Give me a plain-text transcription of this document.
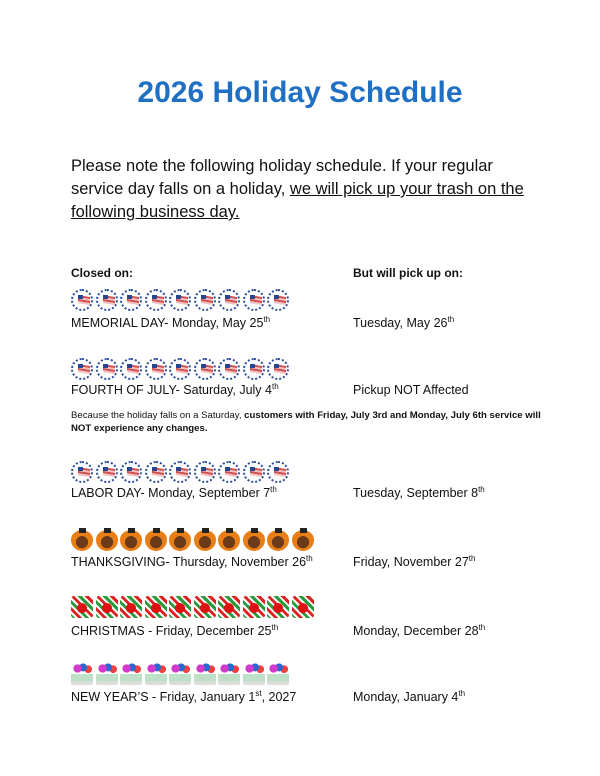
2026 Holiday Schedule
Please note the following holiday schedule. If your regular service day falls on a holiday, we will pick up your trash on the following business day.
Closed on:	But will pick up on:
MEMORIAL DAY- Monday, May 25th	Tuesday, May 26th
FOURTH OF JULY- Saturday, July 4th	Pickup NOT Affected
LABOR DAY- Monday, September 7th	Tuesday, September 8th
THANKSGIVING- Thursday, November 26th	Friday, November 27th
CHRISTMAS - Friday, December 25th	Monday, December 28th
NEW YEAR’S - Friday, January 1st, 2027	Monday, January 4th
Because the holiday falls on a Saturday, customers with Friday, July 3rd and Monday, July 6th service will NOT experience any changes.
